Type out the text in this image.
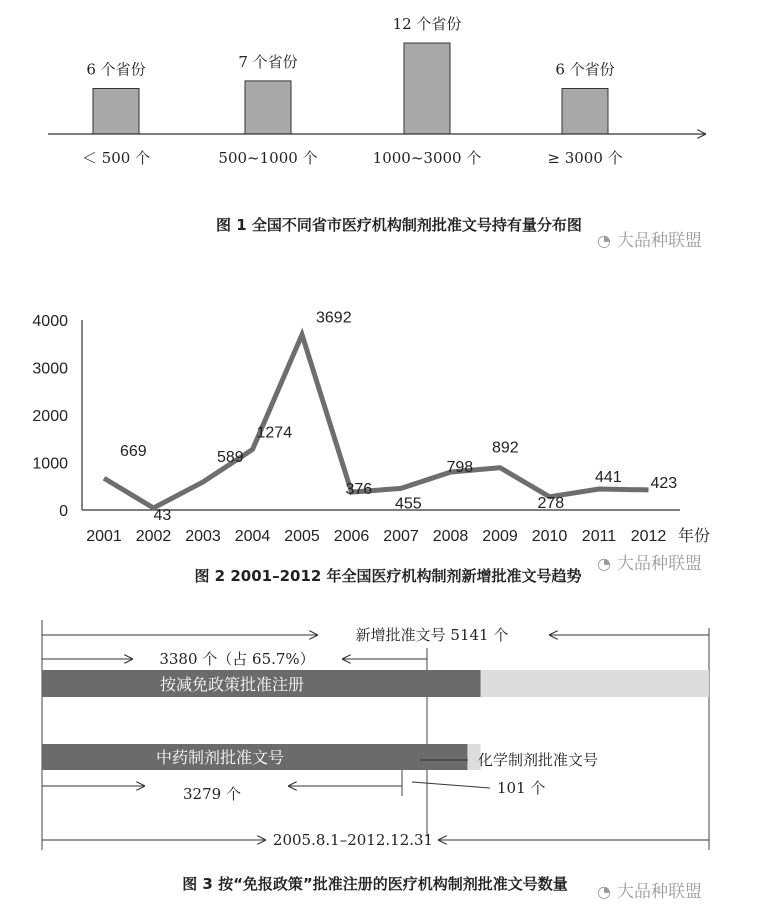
6 个省份
＜ 500 个
7 个省份
500~1000 个
12 个省份
1000~3000 个
6 个省份
≥ 3000 个
图 1 全国不同省市医疗机构制剂批准文号持有量分布图
0
1000
2000
3000
4000
2001 2002 2003 2004 2005 2006 2007 2008 2009 2010 2011 2012
669
43
589
1274
3692
376
455
798
892
278
441 423
年份
图 2 2001–2012 年全国医疗机构制剂新增批准文号趋势
新增批准文号 5141 个
3380 个（占 65.7%）
按减免政策批准注册
中药制剂批准文号	化学制剂批准文号
3279 个	101 个
2005.8.1–2012.12.31
图 3 按“免报政策”批准注册的医疗机构制剂批准文号数量
◔ 大品种联盟
◔ 大品种联盟
◔ 大品种联盟
